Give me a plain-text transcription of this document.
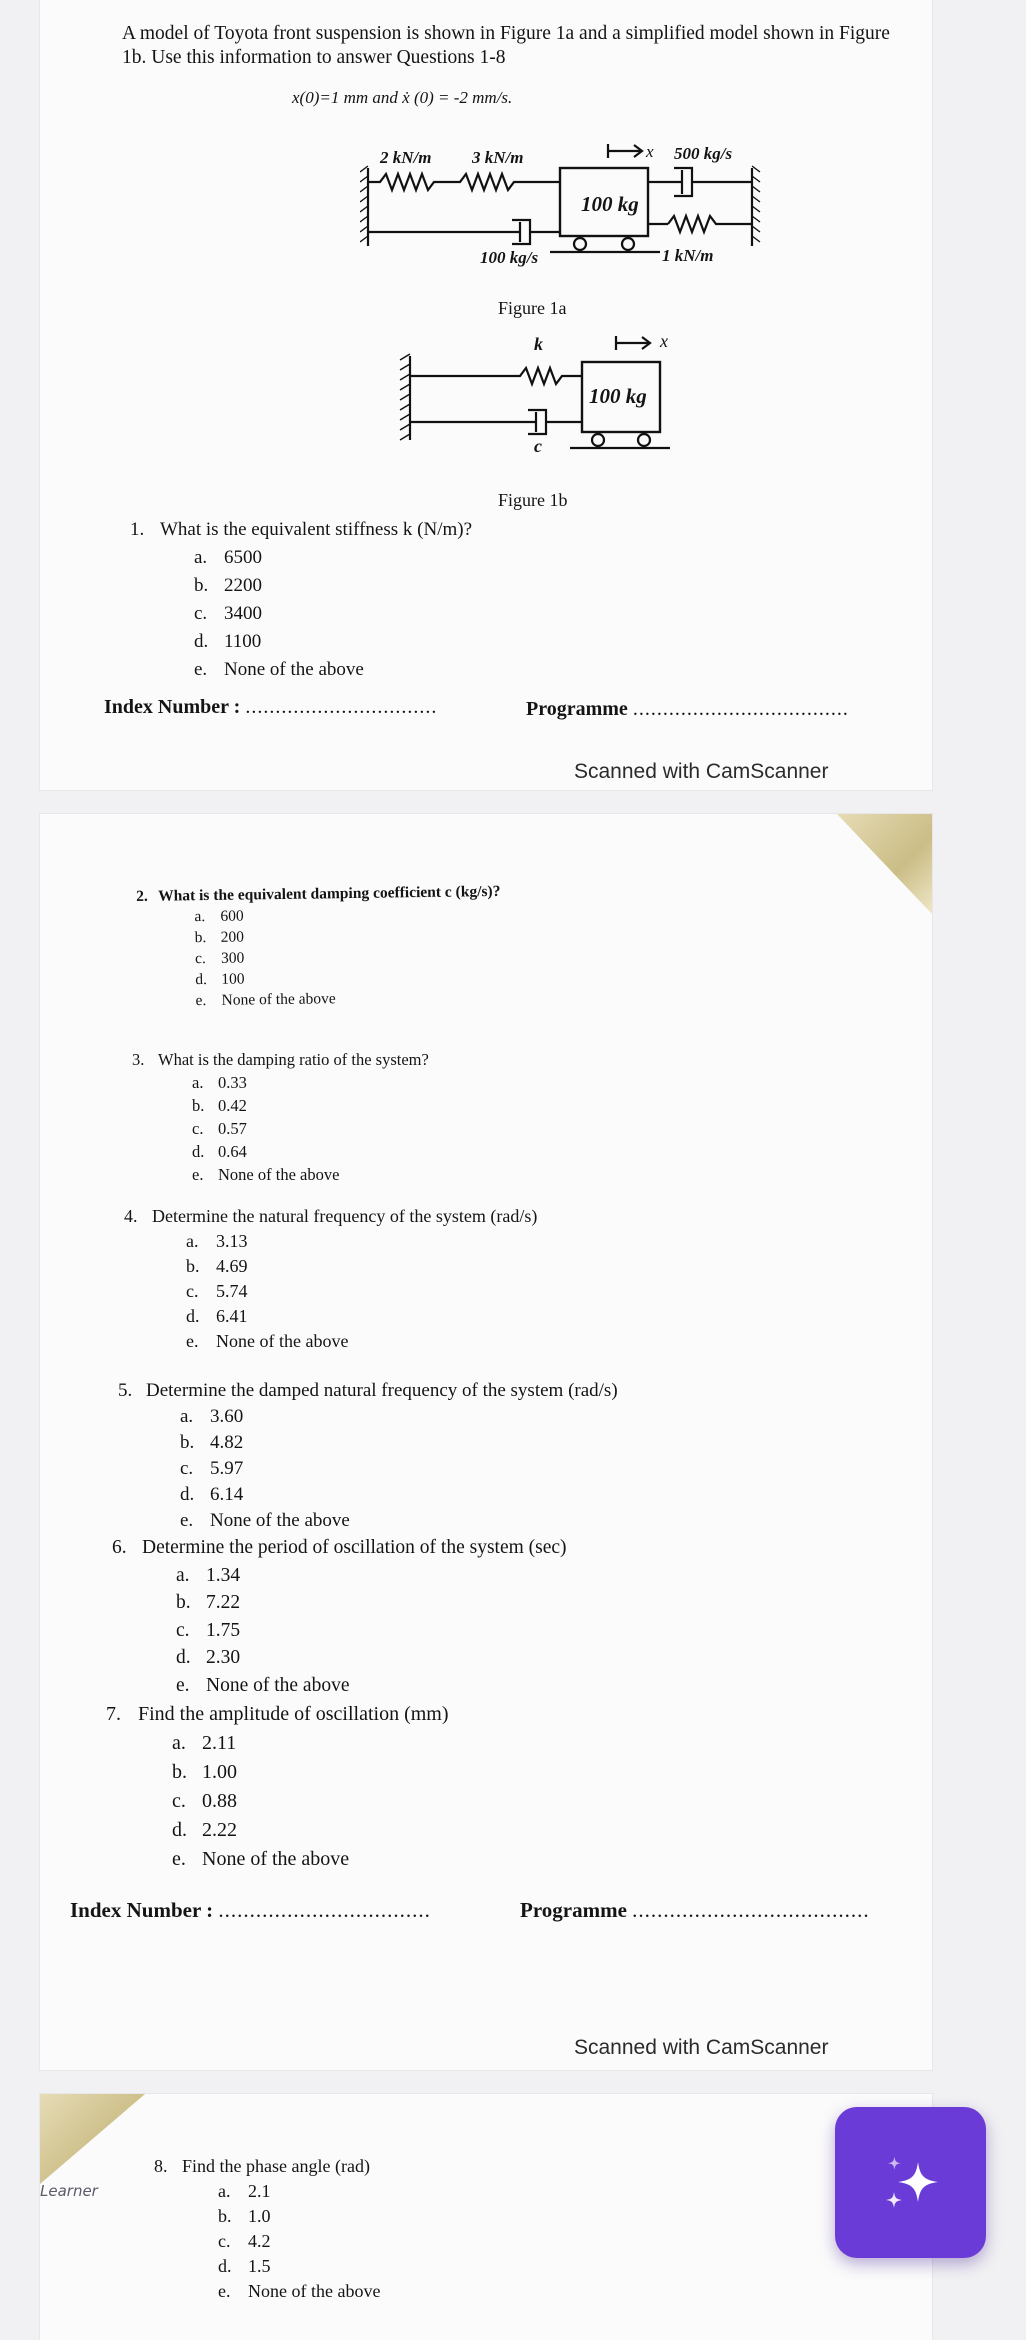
A model of Toyota front suspension is shown in Figure 1a and a simplified model shown in Figure 1b. Use this information to answer Questions 1-8
x(0)=1 mm and ẋ (0) = -2 mm/s.
2 kN/m 3 kN/m	x 500 kg/s
100 kg
100 kg/s	1 kN/m
Figure 1a
k	x
100 kg
c
Figure 1b
1. What is the equivalent stiffness k (N/m)?
a. 6500
b. 2200
c. 3400
d. 1100
e. None of the above
Index Number : ................................	Programme ....................................
Scanned with CamScanner
2. What is the equivalent damping coefficient c (kg/s)?
a. 600
b. 200
c. 300
d. 100
e. None of the above
3. What is the damping ratio of the system?
a. 0.33
b. 0.42
c. 0.57
d. 0.64
e. None of the above
4. Determine the natural frequency of the system (rad/s)
a. 3.13
b. 4.69
c. 5.74
d. 6.41
e. None of the above
5. Determine the damped natural frequency of the system (rad/s)
a. 3.60
b. 4.82
c. 5.97
d. 6.14
e. None of the above
6. Determine the period of oscillation of the system (sec)
a. 1.34
b. 7.22
c. 1.75
d. 2.30
e. None of the above
7. Find the amplitude of oscillation (mm)
a. 2.11
b. 1.00
c. 0.88
d. 2.22
e. None of the above
Index Number : ..................................	Programme ......................................
Scanned with CamScanner
8. Find the phase angle (rad)
a. 2.1
b. 1.0
c. 4.2
d. 1.5
e. None of the above
Learner
